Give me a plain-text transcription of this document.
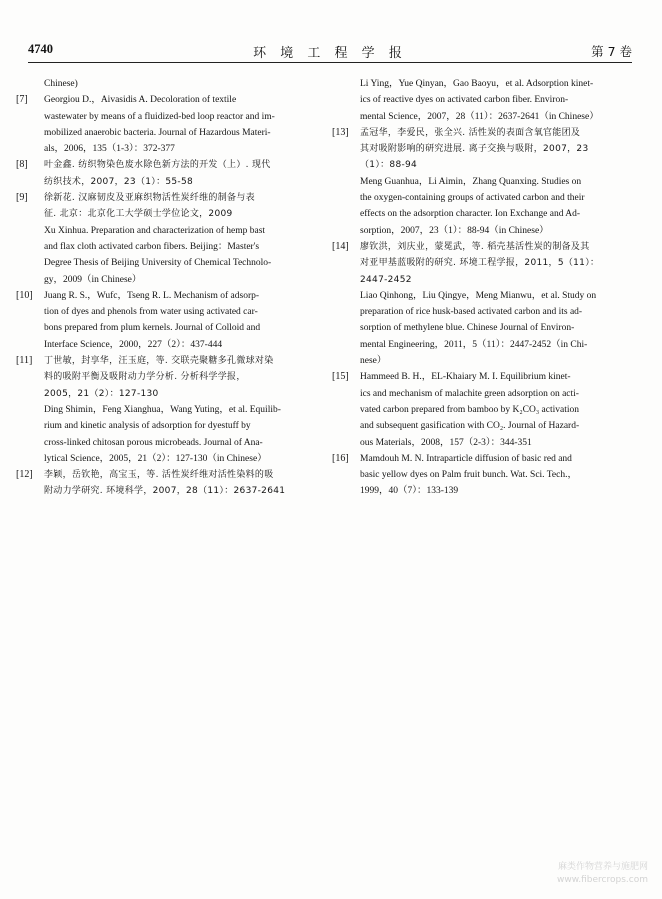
4740	环 境 工 程 学 报	第 7 卷
Chinese)
[7] Georgiou D.，Aivasidis A. Decoloration of textile
wastewater by means of a fluidized-bed loop reactor and im-
mobilized anaerobic bacteria. Journal of Hazardous Materi-
als，2006，135（1-3）：372-377
[8] 叶金鑫. 纺织物染色废水除色新方法的开发（上）. 现代
纺织技术，2007，23（1）：55-58
[9] 徐新花. 汉麻韧皮及亚麻织物活性炭纤维的制备与表
征. 北京：北京化工大学硕士学位论文，2009
Xu Xinhua. Preparation and characterization of hemp bast
and flax cloth activated carbon fibers. Beijing：Master's
Degree Thesis of Beijing University of Chemical Technolo-
gy，2009（in Chinese）
[10] Juang R. S.，Wufc，Tseng R. L. Mechanism of adsorp-
tion of dyes and phenols from water using activated car-
bons prepared from plum kernels. Journal of Colloid and
Interface Science，2000，227（2）：437-444
[11] 丁世敏，封享华，汪玉庭，等. 交联壳聚糖多孔微球对染
料的吸附平衡及吸附动力学分析. 分析科学学报，
2005，21（2）：127-130
Ding Shimin，Feng Xianghua，Wang Yuting，et al. Equilib-
rium and kinetic analysis of adsorption for dyestuff by
cross-linked chitosan porous microbeads. Journal of Ana-
lytical Science，2005，21（2）：127-130（in Chinese）
[12] 李颖，岳钦艳，高宝玉，等. 活性炭纤维对活性染料的吸
附动力学研究. 环境科学，2007，28（11）：2637-2641
Li Ying，Yue Qinyan，Gao Baoyu，et al. Adsorption kinet-
ics of reactive dyes on activated carbon fiber. Environ-
mental Science，2007，28（11）：2637-2641（in Chinese）
[13] 孟冠华，李爱民，张全兴. 活性炭的表面含氧官能团及
其对吸附影响的研究进展. 离子交换与吸附，2007，23
（1）：88-94
Meng Guanhua，Li Aimin，Zhang Quanxing. Studies on
the oxygen-containing groups of activated carbon and their
effects on the adsorption character. Ion Exchange and Ad-
sorption，2007，23（1）：88-94（in Chinese）
[14] 廖钦洪，刘庆业，蒙冕武，等. 稻壳基活性炭的制备及其
对亚甲基蓝吸附的研究. 环境工程学报，2011，5（11）：
2447-2452
Liao Qinhong，Liu Qingye，Meng Mianwu，et al. Study on
preparation of rice husk-based activated carbon and its ad-
sorption of methylene blue. Chinese Journal of Environ-
mental Engineering，2011，5（11）：2447-2452（in Chi-
nese）
[15] Hammeed B. H.，EL-Khaiary M. I. Equilibrium kinet-
ics and mechanism of malachite green adsorption on acti-
vated carbon prepared from bamboo by K₂CO₃ activation
and subsequent gasification with CO₂. Journal of Hazard-
ous Materials，2008，157（2-3）：344-351
[16] Mamdouh M. N. Intraparticle diffusion of basic red and
basic yellow dyes on Palm fruit bunch. Wat. Sci. Tech.，
1999，40（7）：133-139
麻类作物营养与施肥网
www.fibercrops.com
